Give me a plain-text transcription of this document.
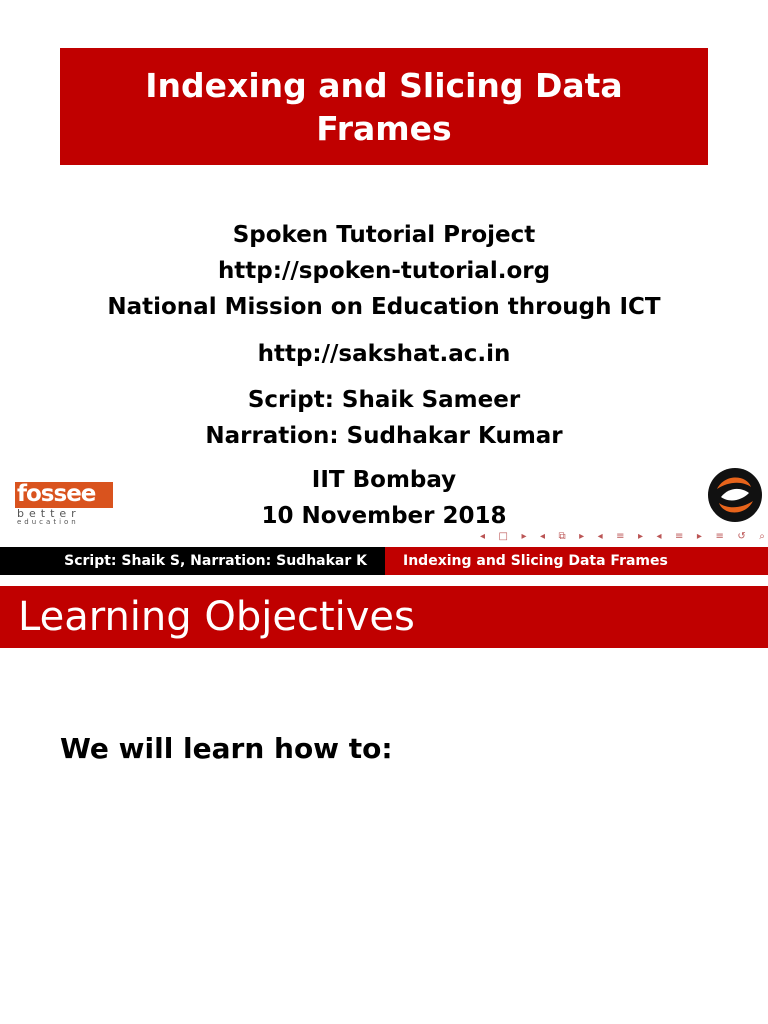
Indexing and Slicing Data Frames
Spoken Tutorial Project
http://spoken-tutorial.org
National Mission on Education through ICT
http://sakshat.ac.in
Script: Shaik Sameer
Narration: Sudhakar Kumar
IIT Bombay
10 November 2018
fossee
better
education
◂ □ ▸ ◂ ⧉ ▸ ◂ ≡ ▸ ◂ ≡ ▸ ≡ ↺ ⌕
Script: Shaik S, Narration: Sudhakar K	Indexing and Slicing Data Frames
Learning Objectives
We will learn how to:
